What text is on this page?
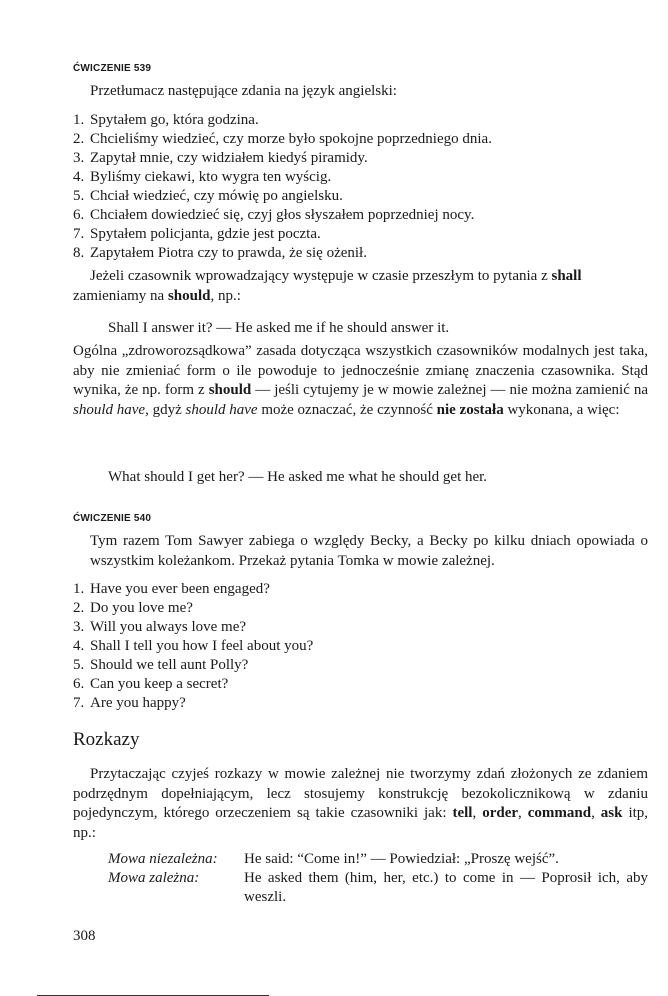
ĆWICZENIE 539
Przetłumacz następujące zdania na język angielski:
1. Spytałem go, która godzina.
2. Chcieliśmy wiedzieć, czy morze było spokojne poprzedniego dnia.
3. Zapytał mnie, czy widziałem kiedyś piramidy.
4. Byliśmy ciekawi, kto wygra ten wyścig.
5. Chciał wiedzieć, czy mówię po angielsku.
6. Chciałem dowiedzieć się, czyj głos słyszałem poprzedniej nocy.
7. Spytałem policjanta, gdzie jest poczta.
8. Zapytałem Piotra czy to prawda, że się ożenił.

Jeżeli czasownik wprowadzający występuje w czasie przeszłym to pytania z shall
zamieniamy na should, np.:

Shall I answer it? — He asked me if he should answer it.

Ogólna „zdroworozsądkowa” zasada dotycząca wszystkich czasowników modalnych jest taka, aby nie zmieniać form o ile powoduje to jednocześnie zmianę znaczenia czasownika. Stąd wynika, że np. form z should — jeśli cytujemy je w mowie zależnej — nie można zamienić na should have, gdyż should have może oznaczać, że czynność nie została wykonana, a więc:

What should I get her? — He asked me what he should get her.
ĆWICZENIE 540

Tym razem Tom Sawyer zabiega o względy Becky, a Becky po kilku dniach opowiada o wszystkim koleżankom. Przekaż pytania Tomka w mowie zależnej.

1. Have you ever been engaged?
2. Do you love me?
3. Will you always love me?
4. Shall I tell you how I feel about you?
5. Should we tell aunt Polly?
6. Can you keep a secret?
7. Are you happy?
Rozkazy

Przytaczając czyjeś rozkazy w mowie zależnej nie tworzymy zdań złożonych ze zdaniem podrzędnym dopełniającym, lecz stosujemy konstrukcję bezokolicznikową w zdaniu pojedynczym, którego orzeczeniem są takie czasowniki jak: tell, order, command, ask itp, np.:

Mowa niezależna: He said: “Come in!” — Powiedział: „Proszę wejść”.
Mowa zależna:	He asked them (him, her, etc.) to come in — Poprosił ich, aby weszli.
308
